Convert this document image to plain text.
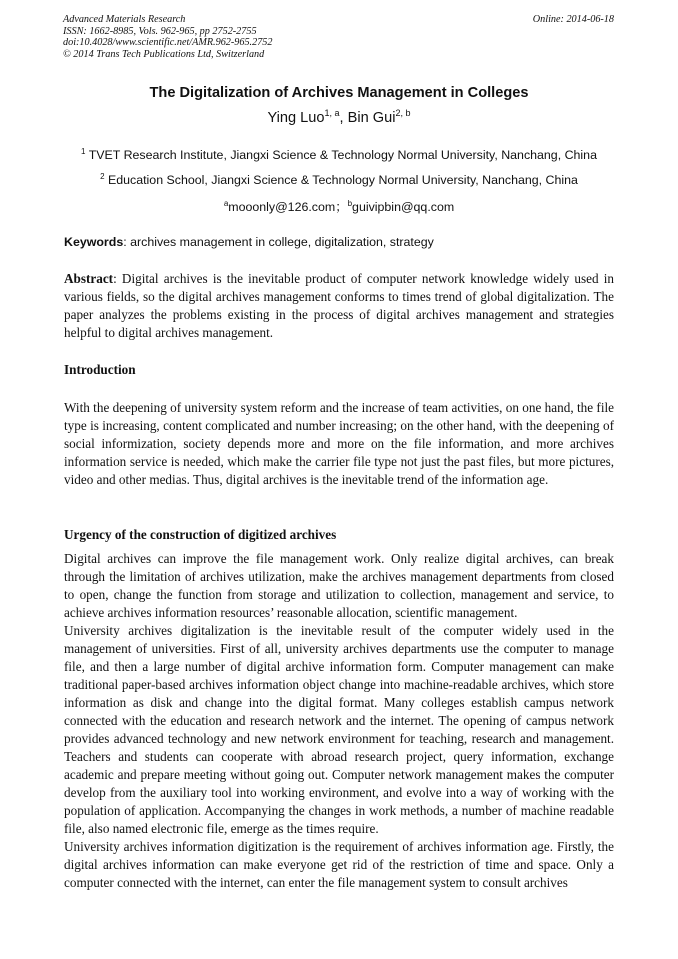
Advanced Materials Research
ISSN: 1662-8985, Vols. 962-965, pp 2752-2755
doi:10.4028/www.scientific.net/AMR.962-965.2752
© 2014 Trans Tech Publications Ltd, Switzerland
Online: 2014-06-18
The Digitalization of Archives Management in Colleges
Ying Luo$^{1, a}$, Bin Gui$^{2, b}$
$^1$ TVET Research Institute, Jiangxi Science & Technology Normal University, Nanchang, China
$^2$ Education School, Jiangxi Science & Technology Normal University, Nanchang, China
$^a$mooonly@126.com；$^b$guivipbin@qq.com
Keywords: archives management in college, digitalization, strategy
Abstract: Digital archives is the inevitable product of computer network knowledge widely used in various fields, so the digital archives management conforms to times trend of global digitalization. The paper analyzes the problems existing in the process of digital archives management and strategies helpful to digital archives management.
Introduction
With the deepening of university system reform and the increase of team activities, on one hand, the file type is increasing, content complicated and number increasing; on the other hand, with the deepening of social informization, society depends more and more on the file information, and more archives information service is needed, which make the carrier file type not just the past files, but more pictures, video and other medias. Thus, digital archives is the inevitable trend of the information age.
Urgency of the construction of digitized archives

Digital archives can improve the file management work. Only realize digital archives, can break through the limitation of archives utilization, make the archives management departments from closed to open, change the function from storage and utilization to collection, management and service, to achieve archives information resources’ reasonable allocation, scientific management.

University archives digitalization is the inevitable result of the computer widely used in the management of universities. First of all, university archives departments use the computer to manage file, and then a large number of digital archive information form. Computer management can make traditional paper-based archives information object change into machine-readable archives, which store information as disk and change into the digital format. Many colleges establish campus network connected with the education and research network and the internet. The opening of campus network provides advanced technology and new network environment for teaching, research and management. Teachers and students can cooperate with abroad research project, query information, exchange academic and prepare meeting without going out. Computer network management makes the computer develop from the auxiliary tool into working environment, and evolve into a way of working with the population of application. Accompanying the changes in work methods, a number of machine readable file, also named electronic file, emerge as the times require.

University archives information digitization is the requirement of archives information age. Firstly, the digital archives information can make everyone get rid of the restriction of time and space. Only a computer connected with the internet, can enter the file management system to consult archives
